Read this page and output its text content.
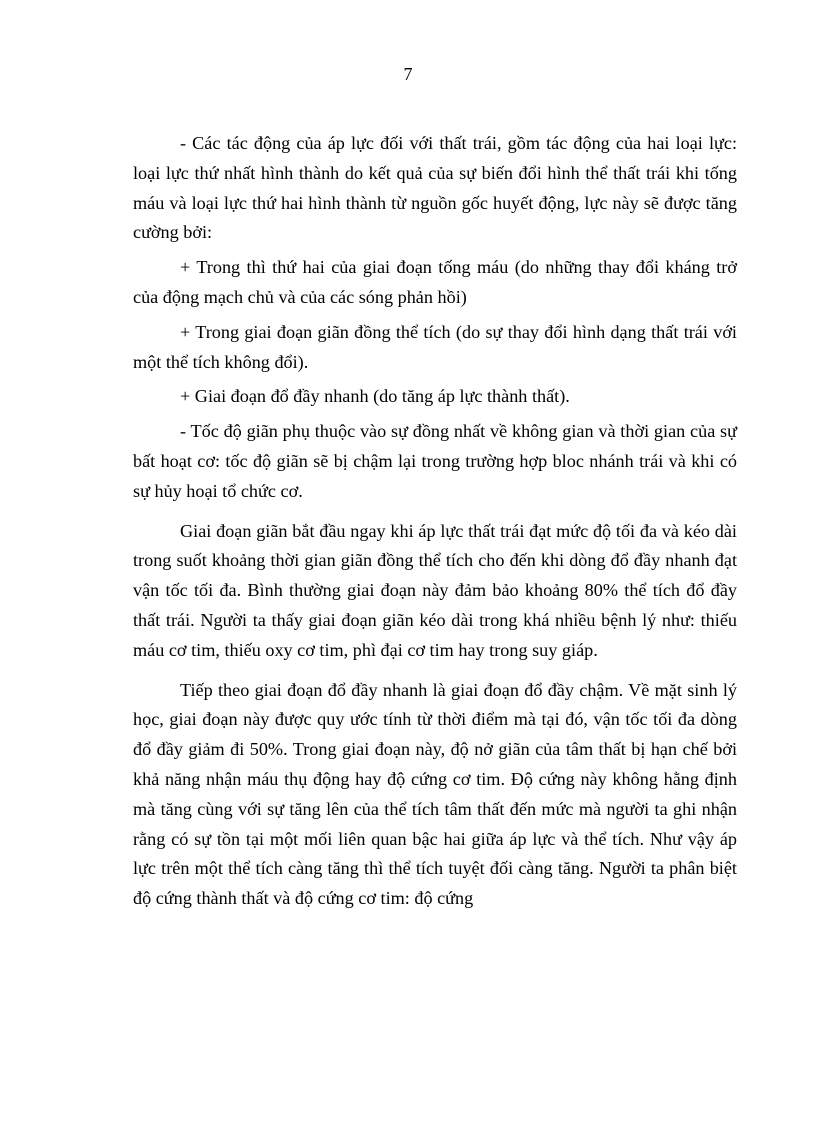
7

- Các tác động của áp lực đối với thất trái, gồm tác động của hai loại lực: loại lực thứ nhất hình thành do kết quả của sự biến đổi hình thể thất trái khi tống máu và loại lực thứ hai hình thành từ nguồn gốc huyết động, lực này sẽ được tăng cường bởi:

+ Trong thì thứ hai của giai đoạn tống máu (do những thay đổi kháng trở của động mạch chủ và của các sóng phản hồi)

+ Trong giai đoạn giãn đồng thể tích (do sự thay đổi hình dạng thất trái với một thể tích không đổi).

+ Giai đoạn đổ đầy nhanh (do tăng áp lực thành thất).

- Tốc độ giãn phụ thuộc vào sự đồng nhất về không gian và thời gian của sự bất hoạt cơ: tốc độ giãn sẽ bị chậm lại trong trường hợp bloc nhánh trái và khi có sự hủy hoại tổ chức cơ.

Giai đoạn giãn bắt đầu ngay khi áp lực thất trái đạt mức độ tối đa và kéo dài trong suốt khoảng thời gian giãn đồng thể tích cho đến khi dòng đổ đầy nhanh đạt vận tốc tối đa. Bình thường giai đoạn này đảm bảo khoảng 80% thể tích đổ đầy thất trái. Người ta thấy giai đoạn giãn kéo dài trong khá nhiều bệnh lý như: thiếu máu cơ tim, thiếu oxy cơ tim, phì đại cơ tim hay trong suy giáp.

Tiếp theo giai đoạn đổ đầy nhanh là giai đoạn đổ đầy chậm. Về mặt sinh lý học, giai đoạn này được quy ước tính từ thời điểm mà tại đó, vận tốc tối đa dòng đổ đầy giảm đi 50%. Trong giai đoạn này, độ nở giãn của tâm thất bị hạn chế bởi khả năng nhận máu thụ động hay độ cứng cơ tim. Độ cứng này không hằng định mà tăng cùng với sự tăng lên của thể tích tâm thất đến mức mà người ta ghi nhận rằng có sự tồn tại một mối liên quan bậc hai giữa áp lực và thể tích. Như vậy áp lực trên một thể tích càng tăng thì thể tích tuyệt đối càng tăng. Người ta phân biệt độ cứng thành thất và độ cứng cơ tim: độ cứng
